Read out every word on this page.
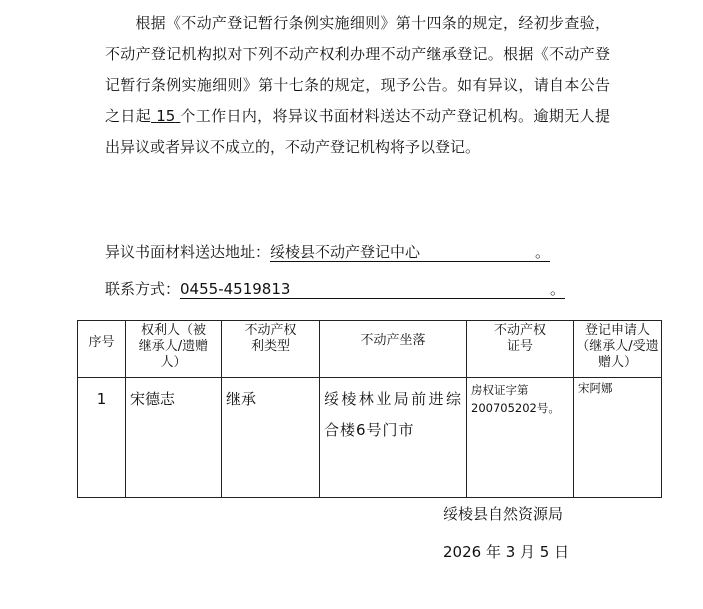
根据《不动产登记暂行条例实施细则》第十四条的规定，经初步查验，不动产登记机构拟对下列不动产权利办理不动产继承登记。根据《不动产登记暂行条例实施细则》第十七条的规定，现予公告。如有异议，请自本公告之日起 15 个工作日内，将异议书面材料送达不动产登记机构。逾期无人提出异议或者异议不成立的，不动产登记机构将予以登记。
异议书面材料送达地址：绥棱县不动产登记中心	。
联系方式：0455-4519813	。
序号	权利人（被继承人/遗赠人）	不动产权利类型	不动产坐落	不动产权证号	登记申请人（继承人/受遗赠人）

1	宋德志	继承	绥棱林业局前进综合楼6号门市	房权证字第200705202号。	宋阿娜
绥棱县自然资源局
2026 年 3 月 5 日
